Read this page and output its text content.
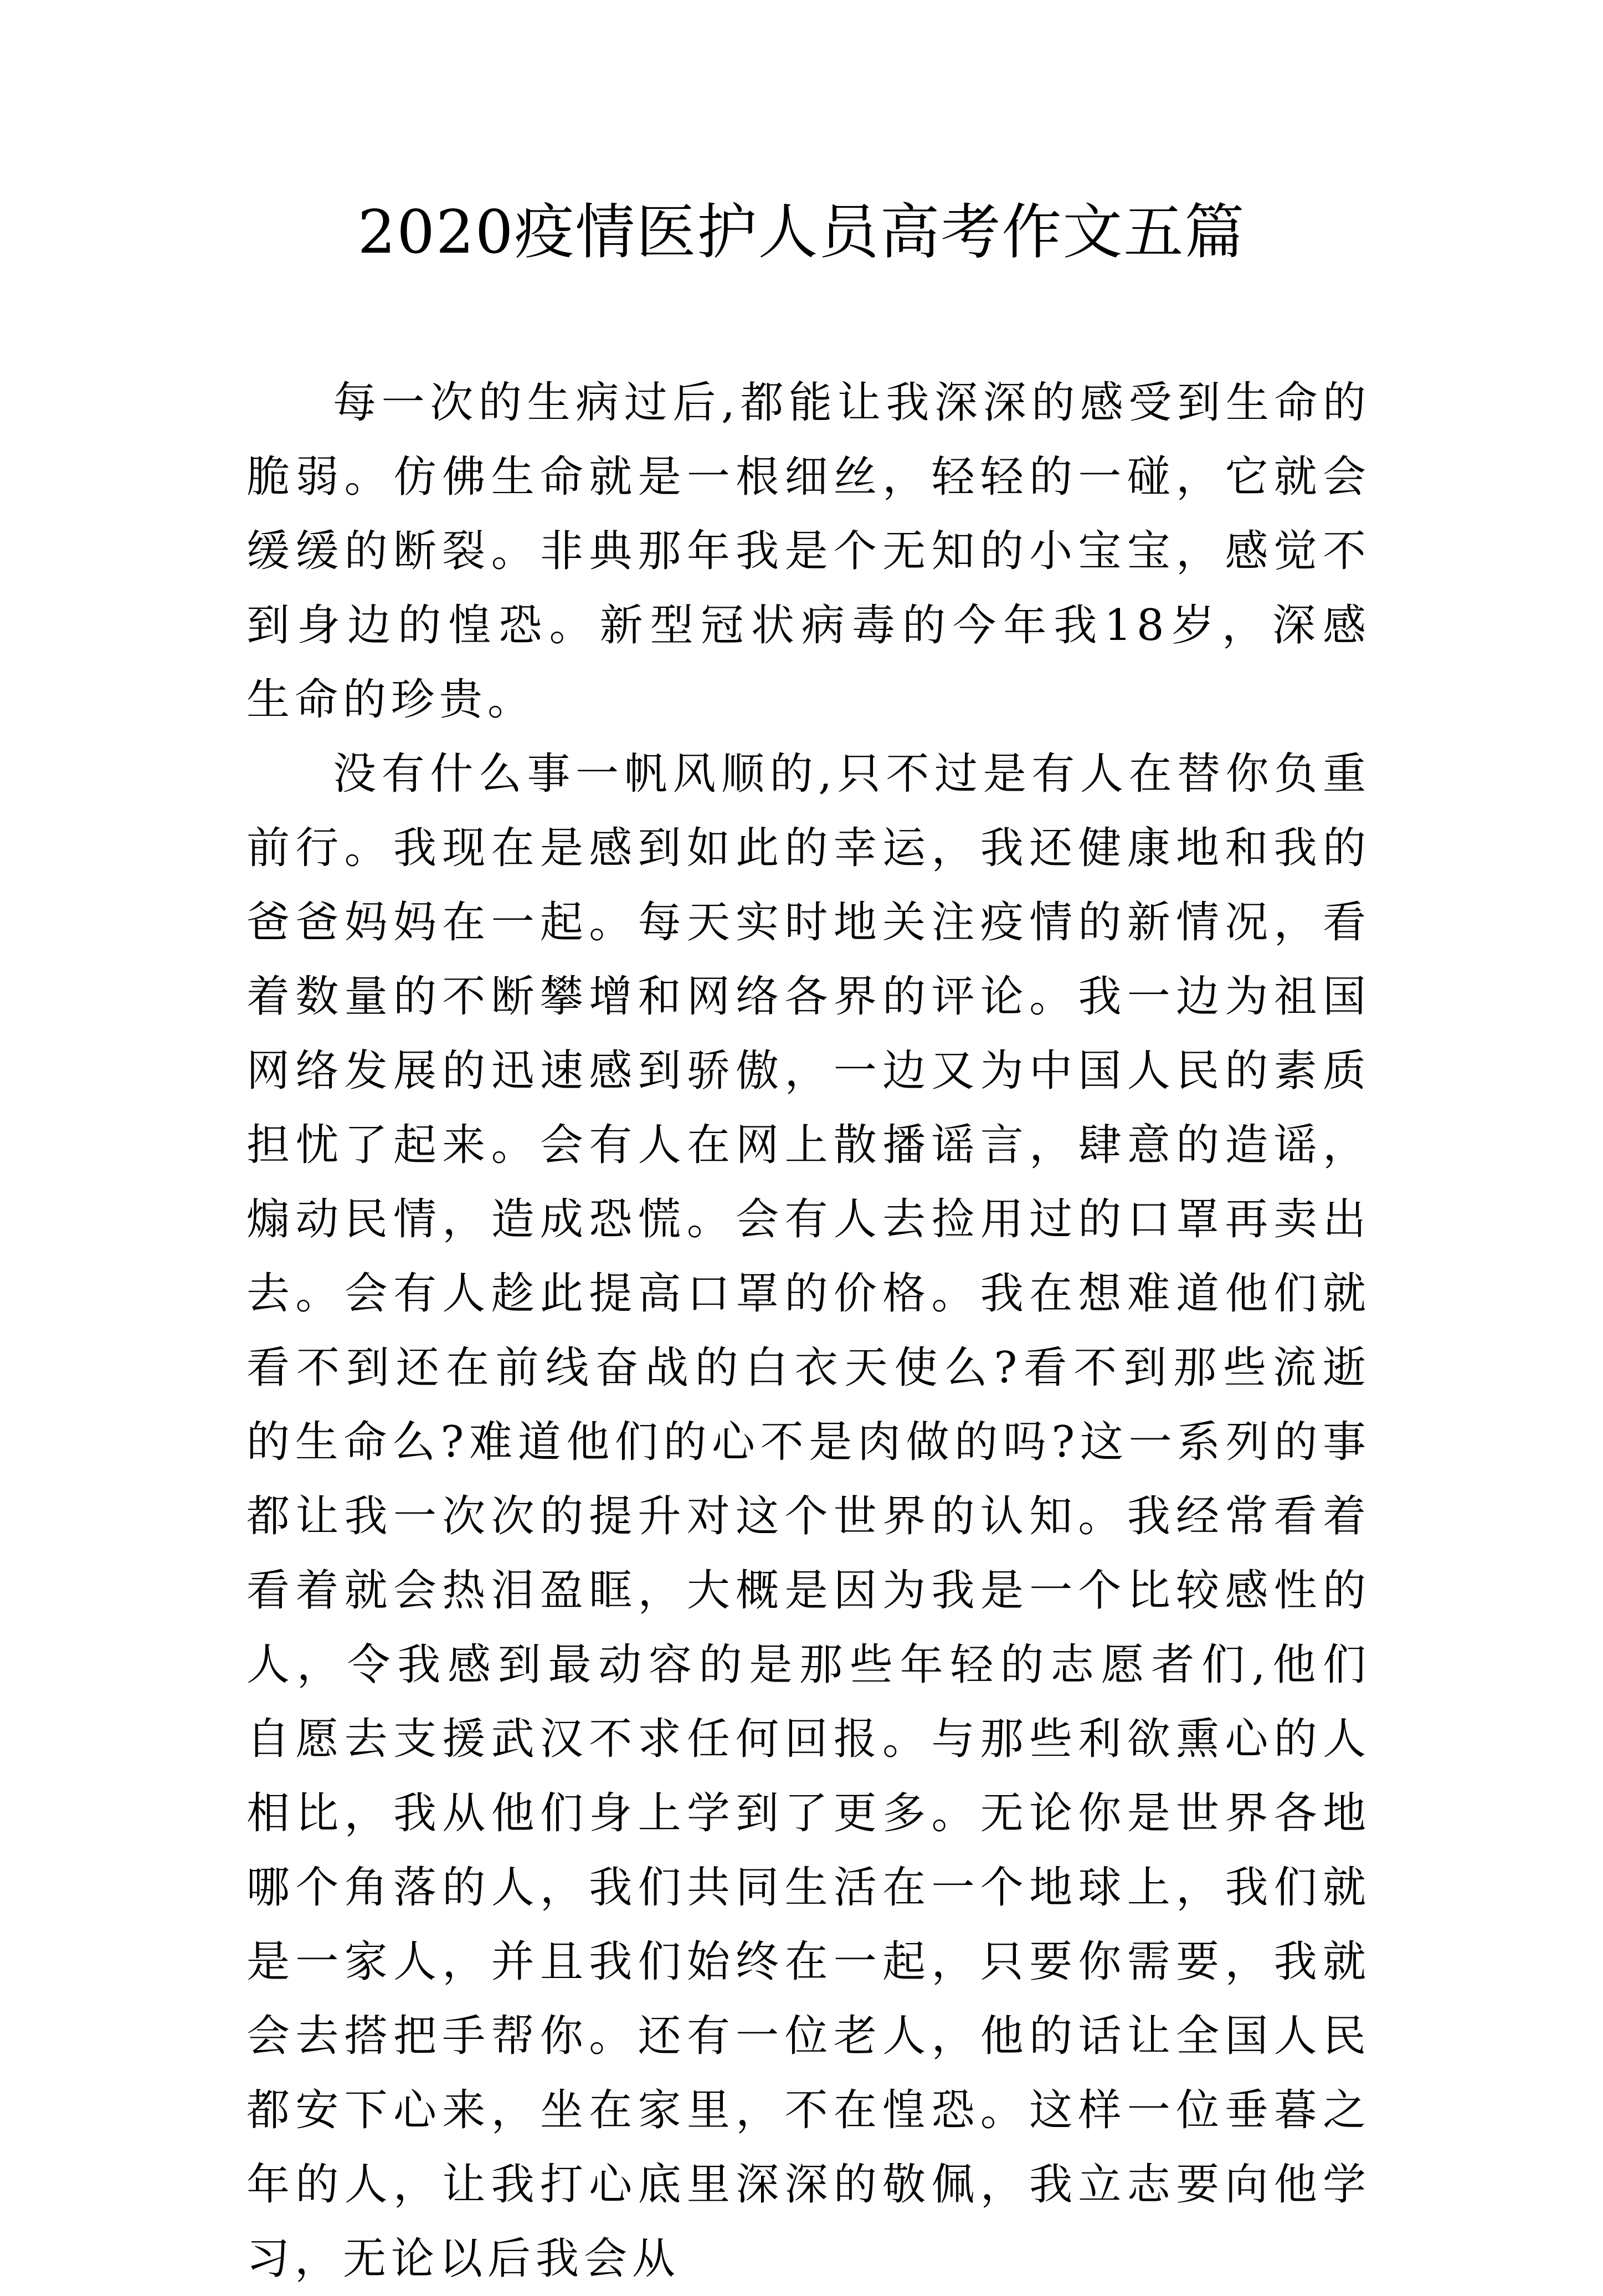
2020疫情医护人员高考作文五篇

每一次的生病过后,都能让我深深的感受到生命的脆弱。仿佛生命就是一根细丝，轻轻的一碰，它就会缓缓的断裂。非典那年我是个无知的小宝宝，感觉不到身边的惶恐。新型冠状病毒的今年我18岁，深感生命的珍贵。

没有什么事一帆风顺的,只不过是有人在替你负重前行。我现在是感到如此的幸运，我还健康地和我的爸爸妈妈在一起。每天实时地关注疫情的新情况，看着数量的不断攀增和网络各界的评论。我一边为祖国网络发展的迅速感到骄傲，一边又为中国人民的素质担忧了起来。会有人在网上散播谣言，肆意的造谣，煽动民情，造成恐慌。会有人去捡用过的口罩再卖出去。会有人趁此提高口罩的价格。我在想难道他们就看不到还在前线奋战的白衣天使么?看不到那些流逝的生命么?难道他们的心不是肉做的吗?这一系列的事都让我一次次的提升对这个世界的认知。我经常看着看着就会热泪盈眶，大概是因为我是一个比较感性的人，令我感到最动容的是那些年轻的志愿者们,他们自愿去支援武汉不求任何回报。与那些利欲熏心的人相比，我从他们身上学到了更多。无论你是世界各地哪个角落的人，我们共同生活在一个地球上，我们就是一家人，并且我们始终在一起，只要你需要，我就会去搭把手帮你。还有一位老人，他的话让全国人民都安下心来，坐在家里，不在惶恐。这样一位垂暮之年的人，让我打心底里深深的敬佩，我立志要向他学习，无论以后我会从
